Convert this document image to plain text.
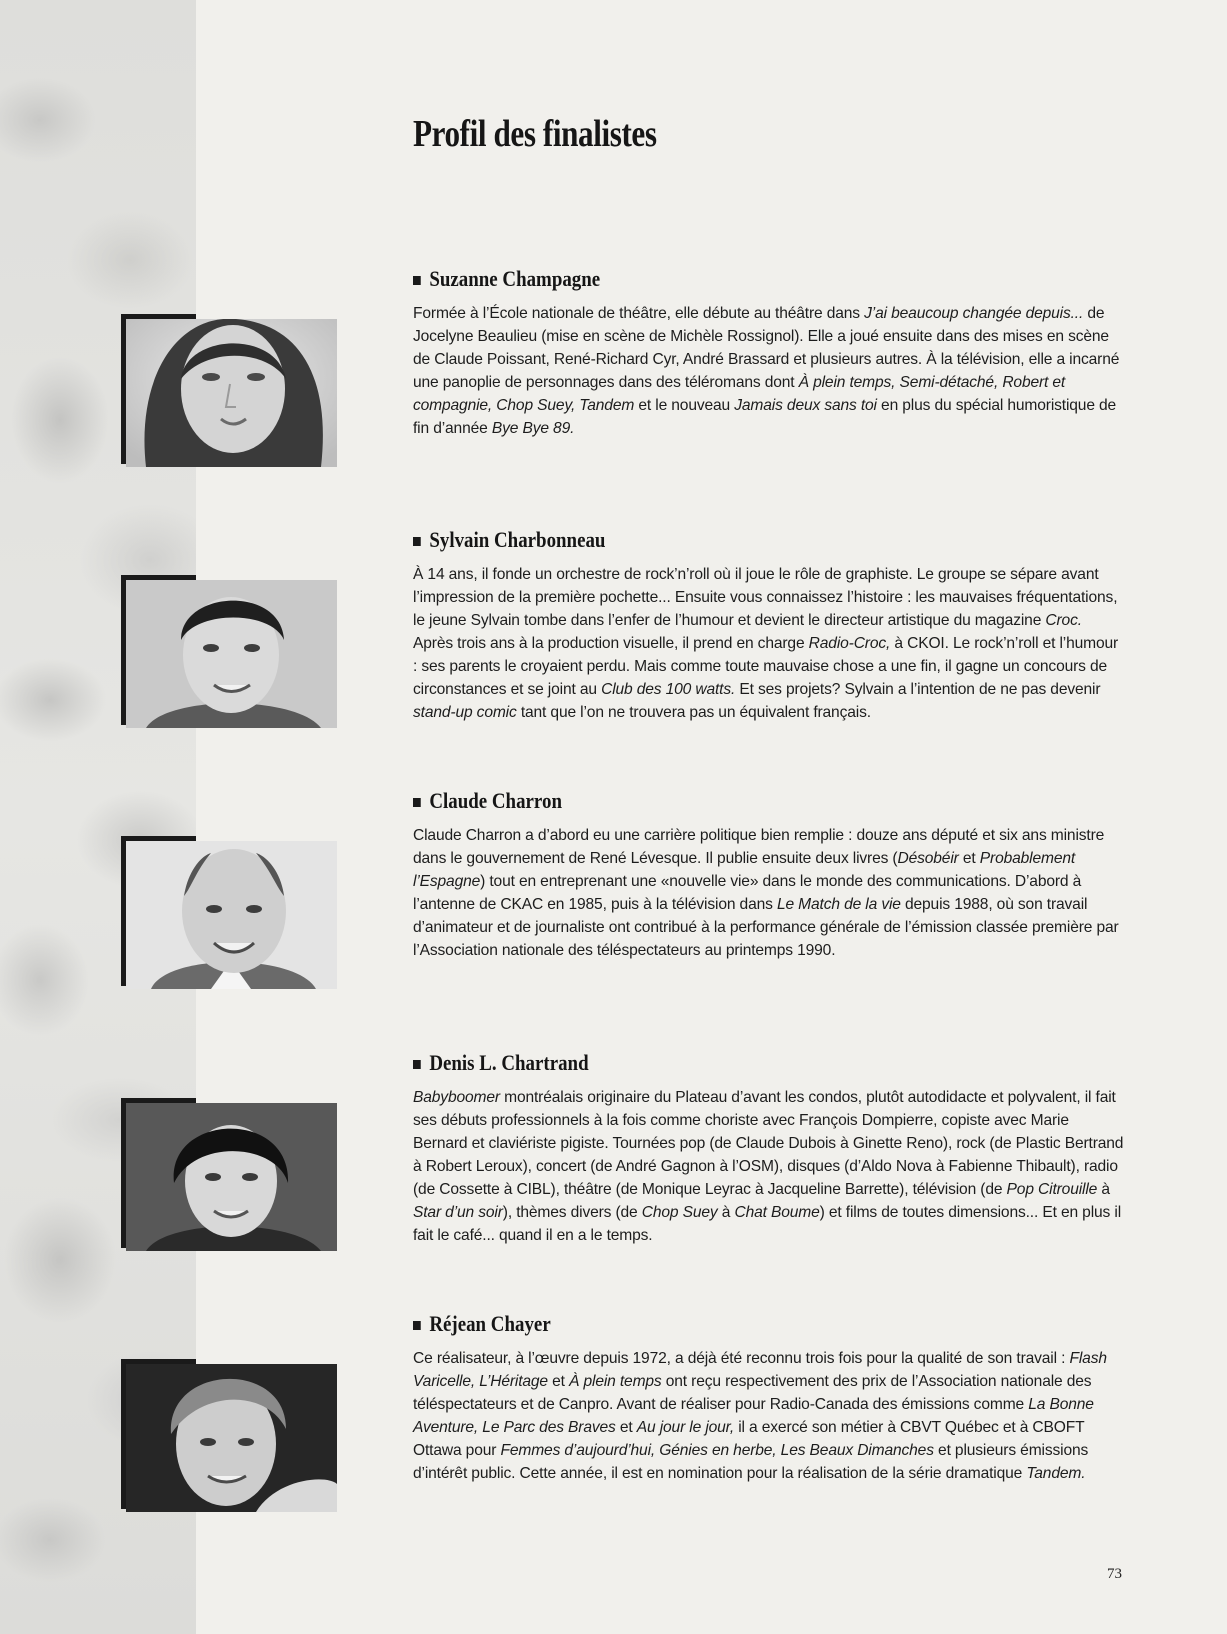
Profil des finalistes
Suzanne Champagne

Formée à l’École nationale de théâtre, elle débute au théâtre dans J’ai beaucoup changée depuis... de Jocelyne Beaulieu (mise en scène de Michèle Rossignol). Elle a joué ensuite dans des mises en scène de Claude Poissant, René-Richard Cyr, André Brassard et plusieurs autres. À la télévision, elle a incarné une panoplie de personnages dans des téléromans dont À plein temps, Semi-détaché, Robert et compagnie, Chop Suey, Tandem et le nouveau Jamais deux sans toi en plus du spécial humoristique de fin d’année Bye Bye 89.

Sylvain Charbonneau

À 14 ans, il fonde un orchestre de rock’n’roll où il joue le rôle de graphiste. Le groupe se sépare avant l’impression de la première pochette... Ensuite vous connaissez l’histoire : les mauvaises fréquentations, le jeune Sylvain tombe dans l’enfer de l’humour et devient le directeur artistique du magazine Croc. Après trois ans à la production visuelle, il prend en charge Radio-Croc, à CKOI. Le rock’n’roll et l’humour : ses parents le croyaient perdu. Mais comme toute mauvaise chose a une fin, il gagne un concours de circonstances et se joint au Club des 100 watts. Et ses projets? Sylvain a l’intention de ne pas devenir stand-up comic tant que l’on ne trouvera pas un équivalent français.

Claude Charron

Claude Charron a d’abord eu une carrière politique bien remplie : douze ans député et six ans ministre dans le gouvernement de René Lévesque. Il publie ensuite deux livres (Désobéir et Probablement l’Espagne) tout en entreprenant une «nouvelle vie» dans le monde des communications. D’abord à l’antenne de CKAC en 1985, puis à la télévision dans Le Match de la vie depuis 1988, où son travail d’animateur et de journaliste ont contribué à la performance générale de l’émission classée première par l’Association nationale des téléspectateurs au printemps 1990.

Denis L. Chartrand

Babyboomer montréalais originaire du Plateau d’avant les condos, plutôt autodidacte et polyvalent, il fait ses débuts professionnels à la fois comme choriste avec François Dompierre, copiste avec Marie Bernard et claviériste pigiste. Tournées pop (de Claude Dubois à Ginette Reno), rock (de Plastic Bertrand à Robert Leroux), concert (de André Gagnon à l’OSM), disques (d’Aldo Nova à Fabienne Thibault), radio (de Cossette à CIBL), théâtre (de Monique Leyrac à Jacqueline Barrette), télévision (de Pop Citrouille à Star d’un soir), thèmes divers (de Chop Suey à Chat Boume) et films de toutes dimensions... Et en plus il fait le café... quand il en a le temps.

Réjean Chayer

Ce réalisateur, à l’œuvre depuis 1972, a déjà été reconnu trois fois pour la qualité de son travail : Flash Varicelle, L’Héritage et À plein temps ont reçu respectivement des prix de l’Association nationale des téléspectateurs et de Canpro. Avant de réaliser pour Radio-Canada des émissions comme La Bonne Aventure, Le Parc des Braves et Au jour le jour, il a exercé son métier à CBVT Québec et à CBOFT Ottawa pour Femmes d’aujourd’hui, Génies en herbe, Les Beaux Dimanches et plusieurs émissions d’intérêt public. Cette année, il est en nomination pour la réalisation de la série dramatique Tandem.

73
